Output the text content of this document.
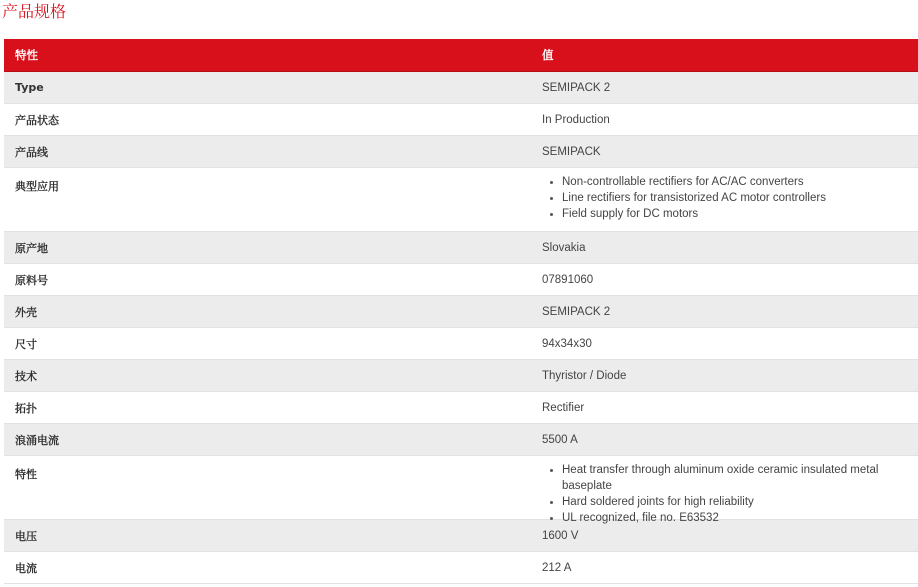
产品规格
特性	值
Type	SEMIPACK 2
产品状态	In Production
产品线	SEMIPACK
典型应用	Non-controllable rectifiers for AC/AC converters
Line rectifiers for transistorized AC motor controllers
Field supply for DC motors
原产地	Slovakia
原料号	07891060
外壳	SEMIPACK 2
尺寸	94x34x30
技术	Thyristor / Diode
拓扑	Rectifier
浪涌电流	5500 A
特性	Heat transfer through aluminum oxide ceramic insulated metal baseplate
Hard soldered joints for high reliability
UL recognized, file no. E63532
电压	1600 V
电流	212 A
